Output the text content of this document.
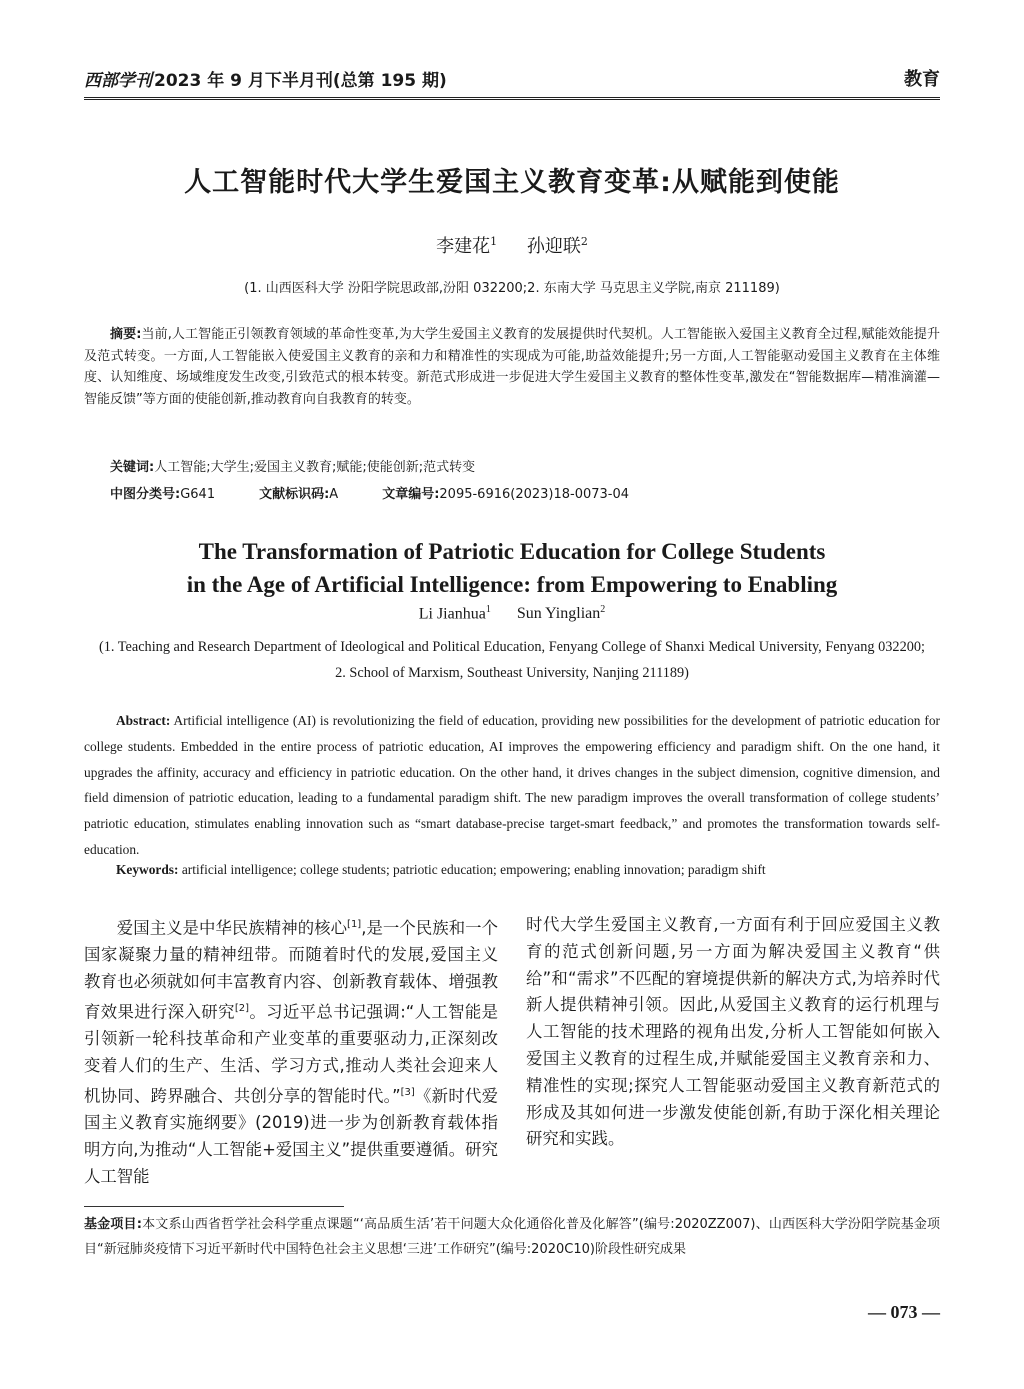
西部学刊 2023 年 9 月下半月刊(总第 195 期)	教育
人工智能时代大学生爱国主义教育变革:从赋能到使能
李建花$^1$ 孙迎联$^2$
(1. 山西医科大学 汾阳学院思政部,汾阳 032200;2. 东南大学 马克思主义学院,南京 211189)

摘要:当前,人工智能正引领教育领域的革命性变革,为大学生爱国主义教育的发展提供时代契机。人工智能嵌入爱国主义教育全过程,赋能效能提升及范式转变。一方面,人工智能嵌入使爱国主义教育的亲和力和精准性的实现成为可能,助益效能提升;另一方面,人工智能驱动爱国主义教育在主体维度、认知维度、场域维度发生改变,引致范式的根本转变。新范式形成进一步促进大学生爱国主义教育的整体性变革,激发在“智能数据库—精准滴灌—智能反馈”等方面的使能创新,推动教育向自我教育的转变。

关键词:人工智能;大学生;爱国主义教育;赋能;使能创新;范式转变

中图分类号:G641	文献标识码:A	文章编号:2095-6916(2023)18-0073-04
The Transformation of Patriotic Education for College Students
in the Age of Artificial Intelligence: from Empowering to Enabling
Li Jianhua$^1$ Sun Yinglian$^2$
(1. Teaching and Research Department of Ideological and Political Education, Fenyang College of Shanxi Medical University, Fenyang 032200;
2. School of Marxism, Southeast University, Nanjing 211189)

Abstract: Artificial intelligence (AI) is revolutionizing the field of education, providing new possibilities for the development of patriotic education for college students. Embedded in the entire process of patriotic education, AI improves the empowering efficiency and paradigm shift. On the one hand, it upgrades the affinity, accuracy and efficiency in patriotic education. On the other hand, it drives changes in the subject dimension, cognitive dimension, and field dimension of patriotic education, leading to a fundamental paradigm shift. The new paradigm improves the overall transformation of college students’ patriotic education, stimulates enabling innovation such as “smart database-precise target-smart feedback,” and promotes the transformation towards self-education.

Keywords: artificial intelligence; college students; patriotic education; empowering; enabling innovation; paradigm shift

爱国主义是中华民族精神的核心[1],是一个民族和一个国家凝聚力量的精神纽带。而随着时代的发展,爱国主义教育也必须就如何丰富教育内容、创新教育载体、增强教育效果进行深入研究[2]。习近平总书记强调:“人工智能是引领新一轮科技革命和产业变革的重要驱动力,正深刻改变着人们的生产、生活、学习方式,推动人类社会迎来人机协同、跨界融合、共创分享的智能时代。”[3]《新时代爱国主义教育实施纲要》(2019)进一步为创新教育载体指明方向,为推动“人工智能+爱国主义”提供重要遵循。研究人工智能

时代大学生爱国主义教育,一方面有利于回应爱国主义教育的范式创新问题,另一方面为解决爱国主义教育“供给”和“需求”不匹配的窘境提供新的解决方式,为培养时代新人提供精神引领。因此,从爱国主义教育的运行机理与人工智能的技术理路的视角出发,分析人工智能如何嵌入爱国主义教育的过程生成,并赋能爱国主义教育亲和力、精准性的实现;探究人工智能驱动爱国主义教育新范式的形成及其如何进一步激发使能创新,有助于深化相关理论研究和实践。

基金项目:本文系山西省哲学社会科学重点课题“‘高品质生活’若干问题大众化通俗化普及化解答”(编号:2020ZZ007)、山西医科大学汾阳学院基金项目“新冠肺炎疫情下习近平新时代中国特色社会主义思想‘三进’工作研究”(编号:2020C10)阶段性研究成果

— 073 —
